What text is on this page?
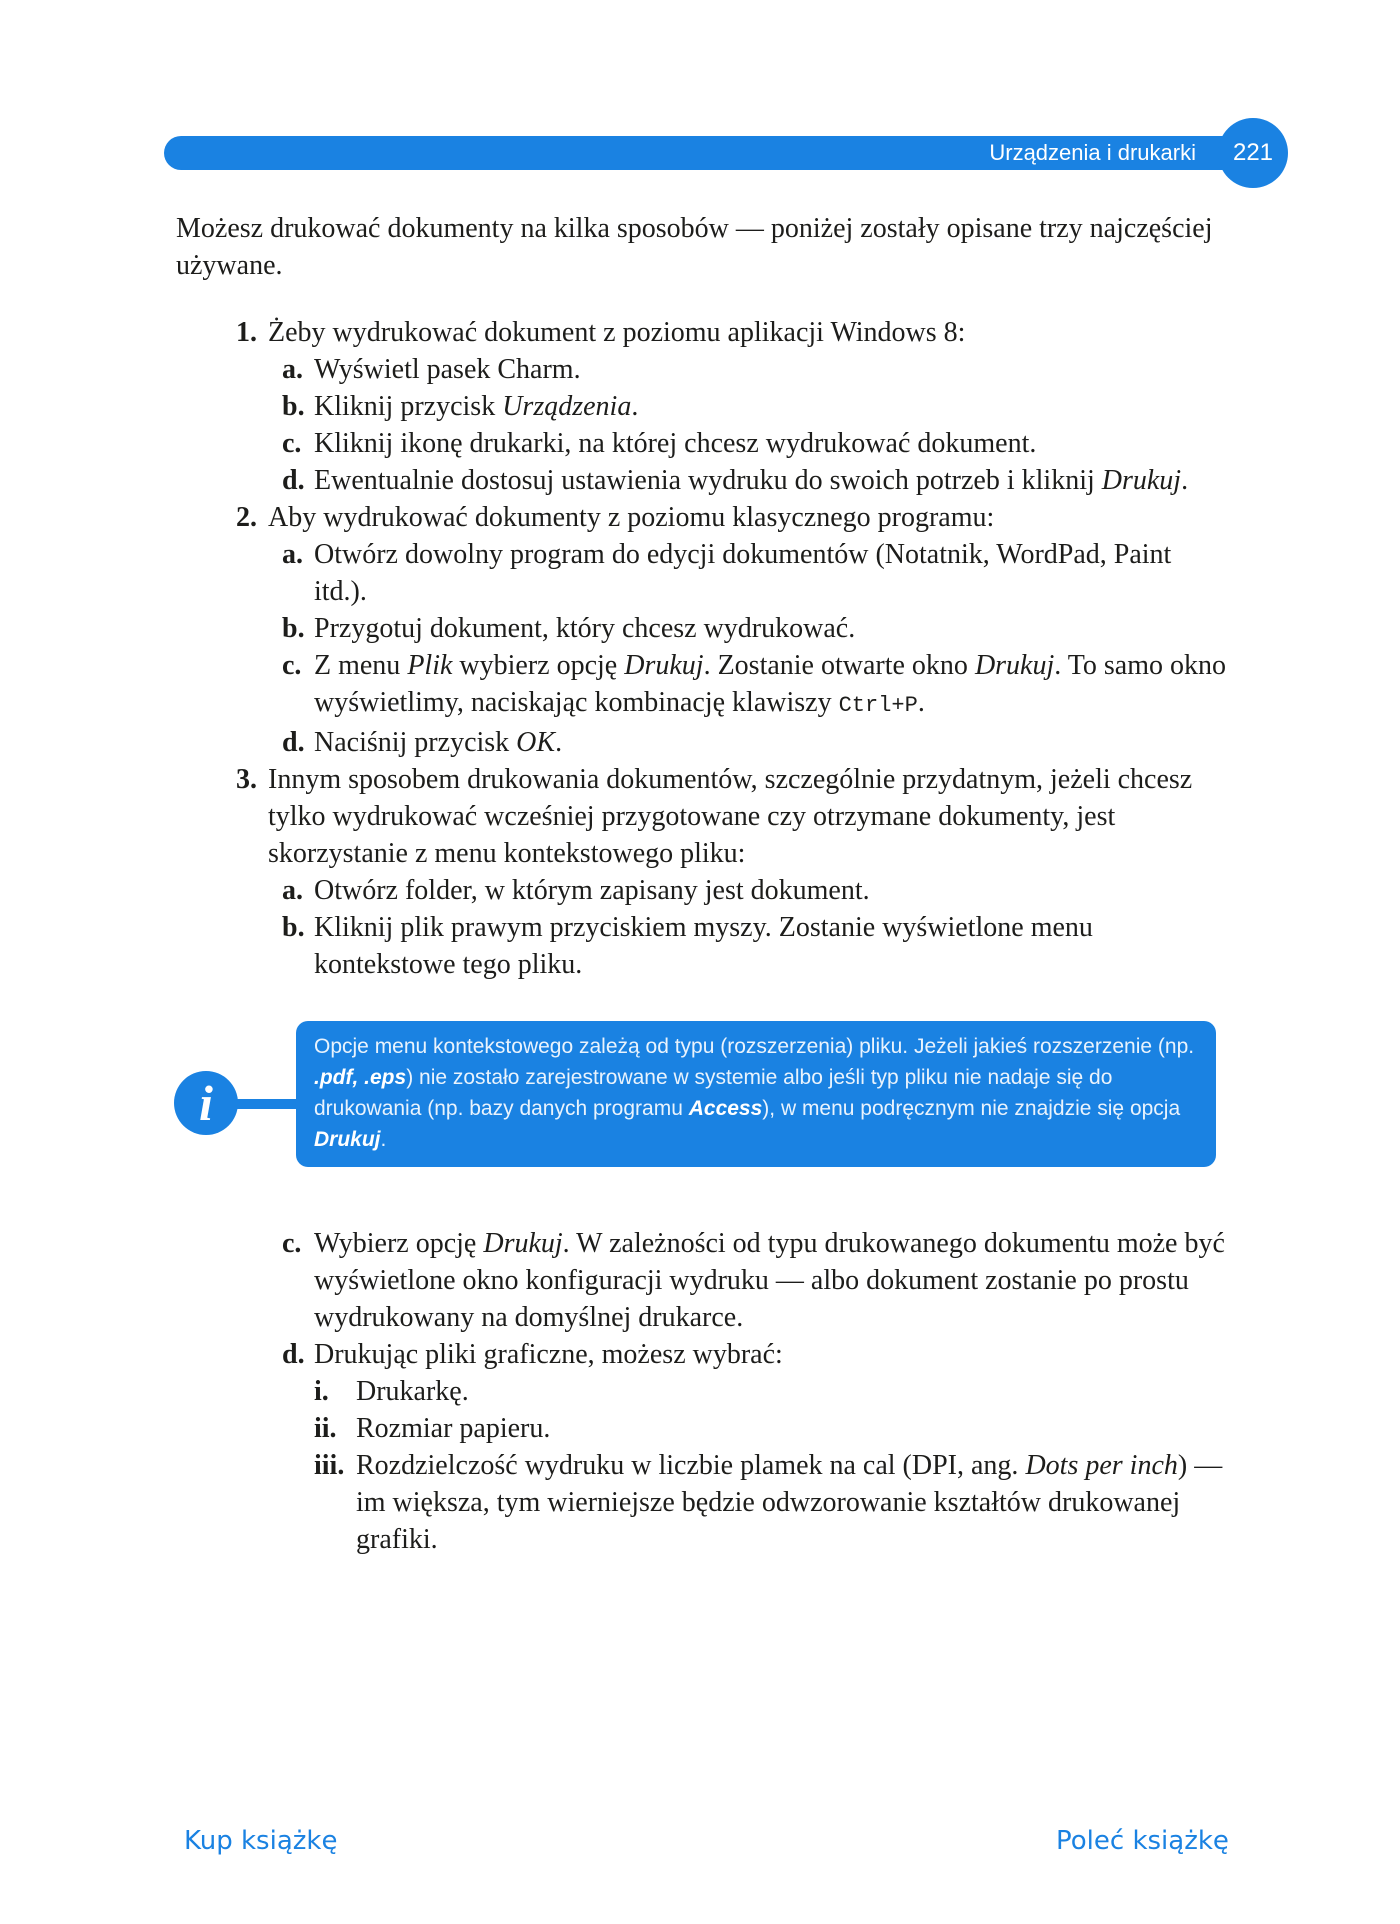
Urządzenia i drukarki	221

Możesz drukować dokumenty na kilka sposobów — poniżej zostały opisane trzy najczęściej używane.

1. Żeby wydrukować dokument z poziomu aplikacji Windows 8:

a. Wyświetl pasek Charm.

b. Kliknij przycisk Urządzenia.

c. Kliknij ikonę drukarki, na której chcesz wydrukować dokument.

d. Ewentualnie dostosuj ustawienia wydruku do swoich potrzeb i kliknij Drukuj.

2. Aby wydrukować dokumenty z poziomu klasycznego programu:

a. Otwórz dowolny program do edycji dokumentów (Notatnik, WordPad, Paint itd.).

b. Przygotuj dokument, który chcesz wydrukować.

c. Z menu Plik wybierz opcję Drukuj. Zostanie otwarte okno Drukuj. To samo okno wyświetlimy, naciskając kombinację klawiszy Ctrl+P.

d. Naciśnij przycisk OK.

3. Innym sposobem drukowania dokumentów, szczególnie przydatnym, jeżeli chcesz tylko wydrukować wcześniej przygotowane czy otrzymane dokumenty, jest skorzystanie z menu kontekstowego pliku:

a. Otwórz folder, w którym zapisany jest dokument.

b. Kliknij plik prawym przyciskiem myszy. Zostanie wyświetlone menu kontekstowe tego pliku.

i
Opcje menu kontekstowego zależą od typu (rozszerzenia) pliku. Jeżeli jakieś rozszerzenie (np. .pdf, .eps) nie zostało zarejestrowane w systemie albo jeśli typ pliku nie nadaje się do drukowania (np. bazy danych programu Access), w menu podręcznym nie znajdzie się opcja Drukuj.

c. Wybierz opcję Drukuj. W zależności od typu drukowanego dokumentu może być wyświetlone okno konfiguracji wydruku — albo dokument zostanie po prostu wydrukowany na domyślnej drukarce.

d. Drukując pliki graficzne, możesz wybrać:

i. Drukarkę.

ii. Rozmiar papieru.

iii. Rozdzielczość wydruku w liczbie plamek na cal (DPI, ang. Dots per inch) — im większa, tym wierniejsze będzie odwzorowanie kształtów drukowanej grafiki.

Kup książkę	Poleć książkę
